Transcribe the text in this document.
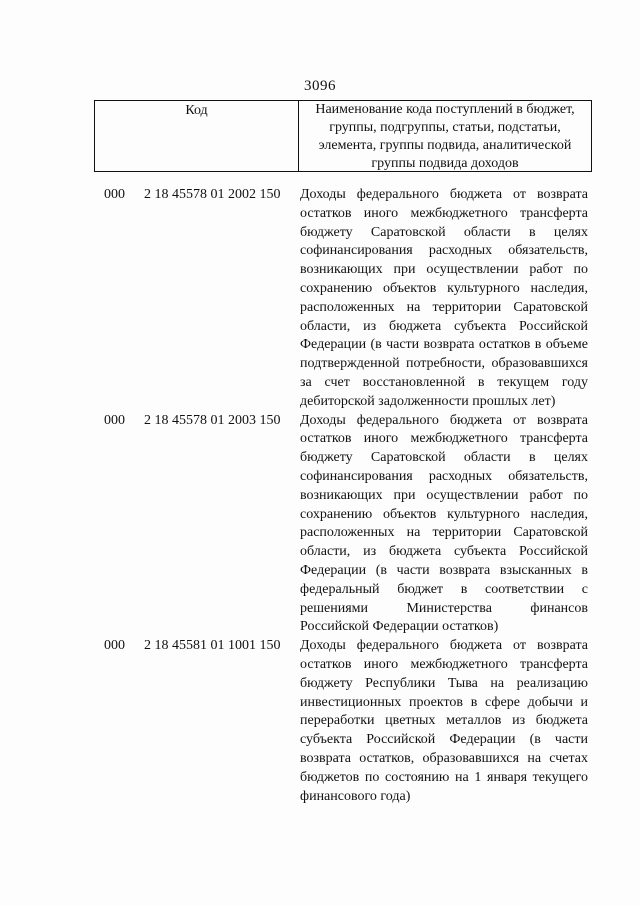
3096
Код	Наименование кода поступлений в бюджет, группы, подгруппы, статьи, подстатьи, элемента, группы подвида, аналитической группы подвида доходов
000 2 18 45578 01 2002 150 Доходы федерального бюджета от возврата остатков иного межбюджетного трансферта бюджету Саратовской области в целях софинансирования расходных обязательств, возникающих при осуществлении работ по сохранению объектов культурного наследия, расположенных на территории Саратовской области, из бюджета субъекта Российской Федерации (в части возврата остатков в объеме подтвержденной потребности, образовавшихся за счет восстановленной в текущем году дебиторской задолженности прошлых лет)
000 2 18 45578 01 2003 150 Доходы федерального бюджета от возврата остатков иного межбюджетного трансферта бюджету Саратовской области в целях софинансирования расходных обязательств, возникающих при осуществлении работ по сохранению объектов культурного наследия, расположенных на территории Саратовской области, из бюджета субъекта Российской Федерации (в части возврата взысканных в федеральный бюджет в соответствии с решениями Министерства финансов Российской Федерации остатков)
000 2 18 45581 01 1001 150 Доходы федерального бюджета от возврата остатков иного межбюджетного трансферта бюджету Республики Тыва на реализацию инвестиционных проектов в сфере добычи и переработки цветных металлов из бюджета субъекта Российской Федерации (в части возврата остатков, образовавшихся на счетах бюджетов по состоянию на 1 января текущего финансового года)
